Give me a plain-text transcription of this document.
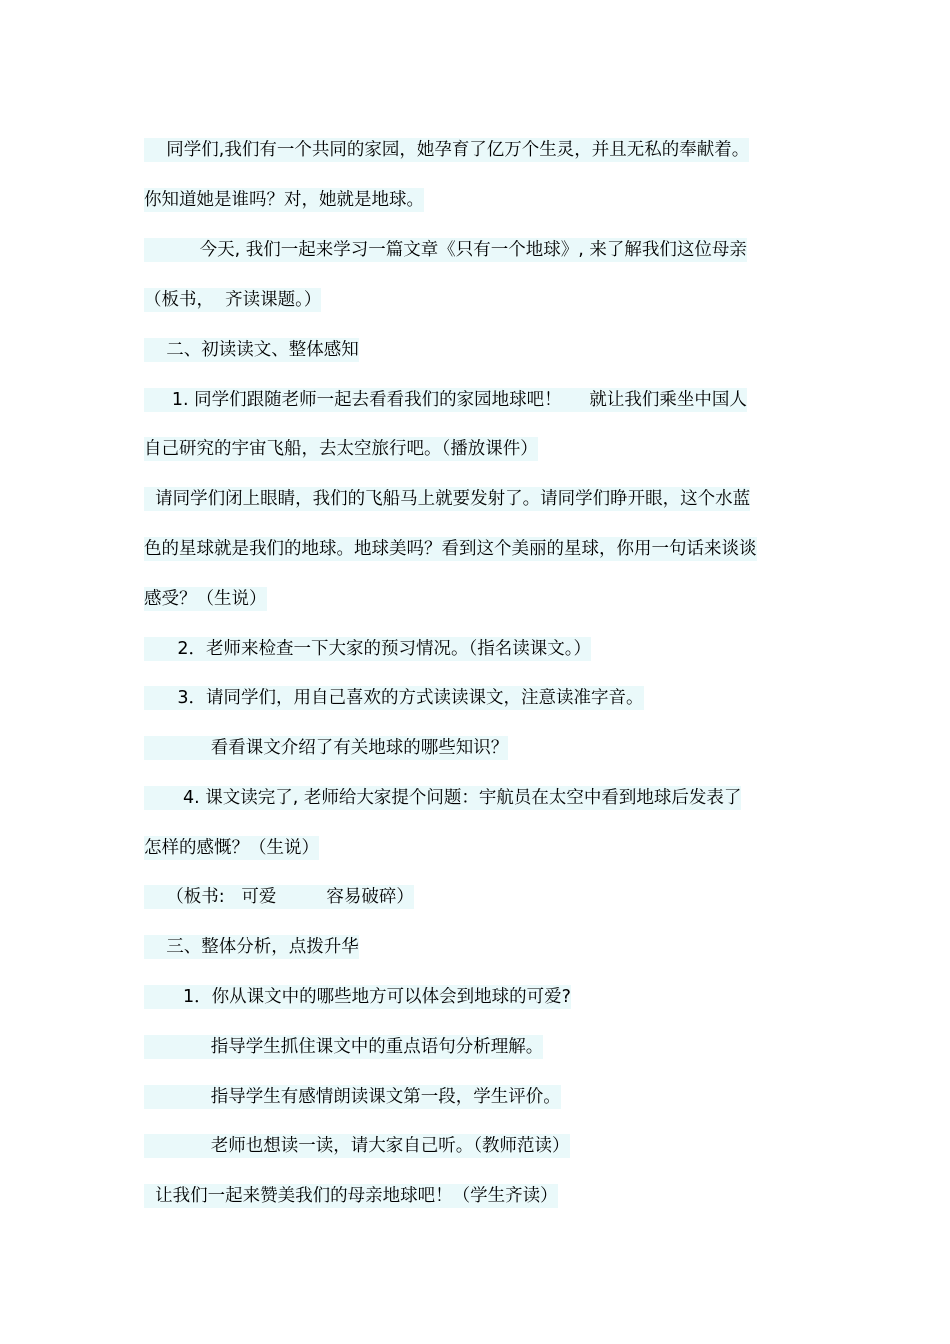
同学们,我们有一个共同的家园，她孕育了亿万个生灵，并且无私的奉献着。
你知道她是谁吗？对，她就是地球。
今天, 我们一起来学习一篇文章《只有一个地球》, 来了解我们这位母亲
（板书，  齐读课题。）
二、初读读文、整体感知
1. 同学们跟随老师一起去看看我们的家园地球吧！     就让我们乘坐中国人
自己研究的宇宙飞船，去太空旅行吧。（播放课件）
请同学们闭上眼睛，我们的飞船马上就要发射了。请同学们睁开眼，这个水蓝
色的星球就是我们的地球。地球美吗？看到这个美丽的星球，你用一句话来谈谈
感受？（生说）
2．老师来检查一下大家的预习情况。（指名读课文。）
3．请同学们，用自己喜欢的方式读读课文，注意读准字音。
看看课文介绍了有关地球的哪些知识？
4. 课文读完了, 老师给大家提个问题：宇航员在太空中看到地球后发表了
怎样的感慨？（生说）
（板书:   可爱         容易破碎）
三、整体分析，点拨升华
1．你从课文中的哪些地方可以体会到地球的可爱?
指导学生抓住课文中的重点语句分析理解。
指导学生有感情朗读课文第一段，学生评价。
老师也想读一读，请大家自己听。（教师范读）
让我们一起来赞美我们的母亲地球吧！（学生齐读）
